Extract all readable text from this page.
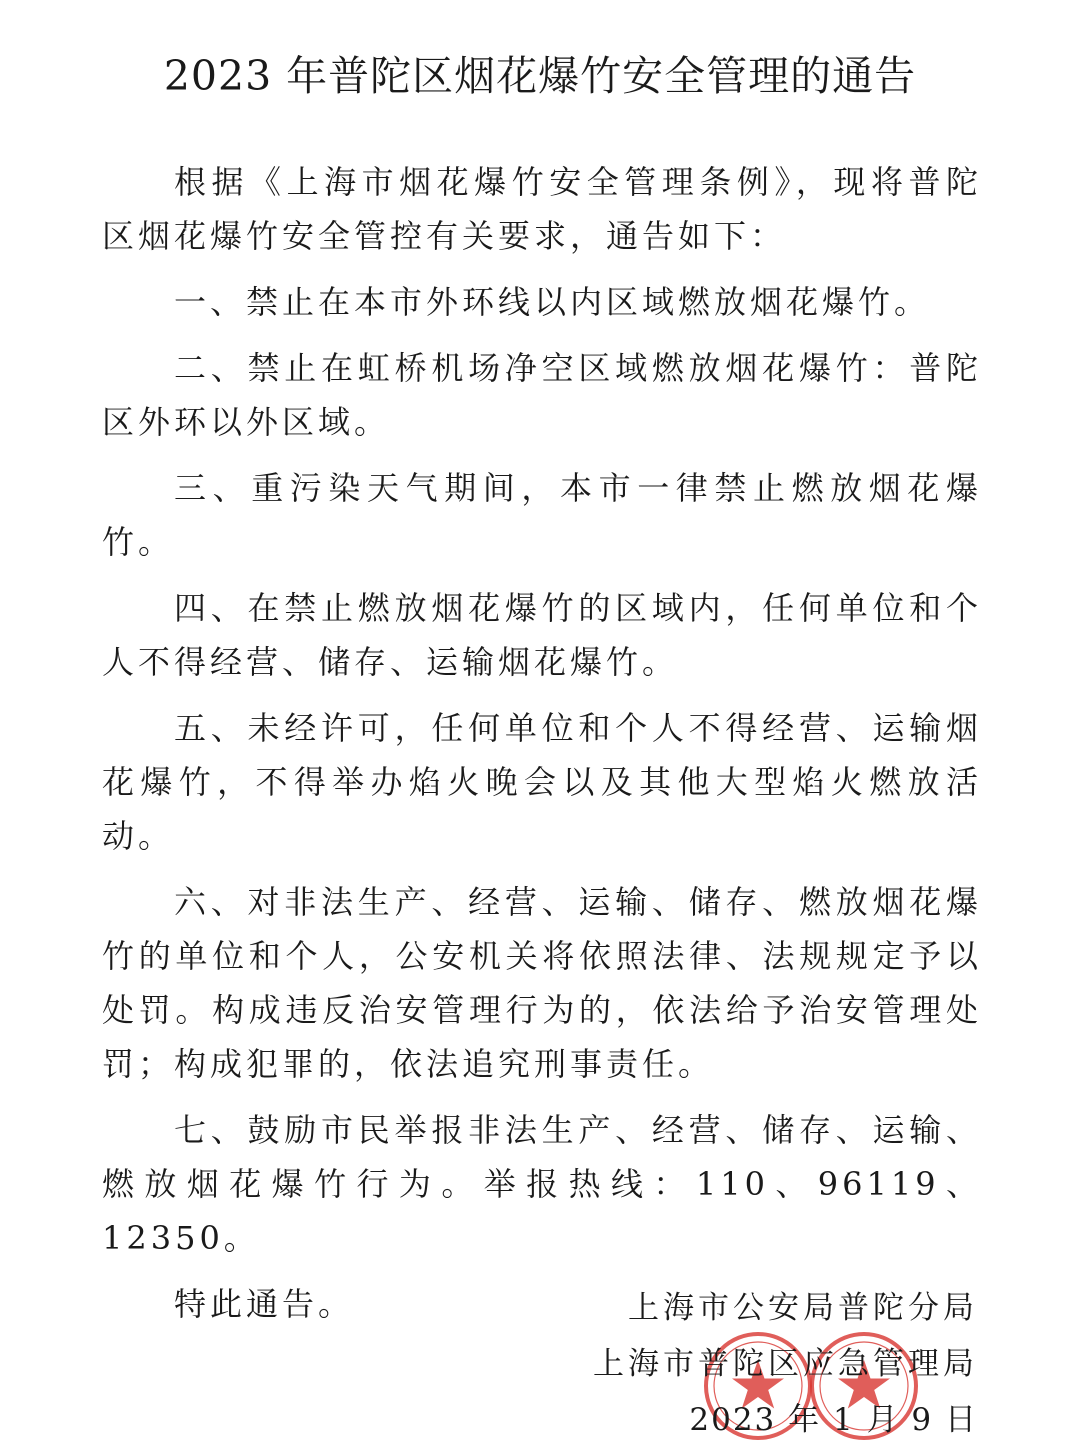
2023 年普陀区烟花爆竹安全管理的通告

根据《上海市烟花爆竹安全管理条例》，现将普陀区烟花爆竹安全管控有关要求，通告如下：

一、禁止在本市外环线以内区域燃放烟花爆竹。

二、禁止在虹桥机场净空区域燃放烟花爆竹：普陀区外环以外区域。

三、重污染天气期间，本市一律禁止燃放烟花爆竹。

四、在禁止燃放烟花爆竹的区域内，任何单位和个人不得经营、储存、运输烟花爆竹。

五、未经许可，任何单位和个人不得经营、运输烟花爆竹，不得举办焰火晚会以及其他大型焰火燃放活动。

六、对非法生产、经营、运输、储存、燃放烟花爆竹的单位和个人，公安机关将依照法律、法规规定予以处罚。构成违反治安管理行为的，依法给予治安管理处罚；构成犯罪的，依法追究刑事责任。

七、鼓励市民举报非法生产、经营、储存、运输、燃放烟花爆竹行为。举报热线：110、96119、12350。

特此通告。	上海市公安局普陀分局
上海市普陀区应急管理局
2023 年 1 月 9 日
